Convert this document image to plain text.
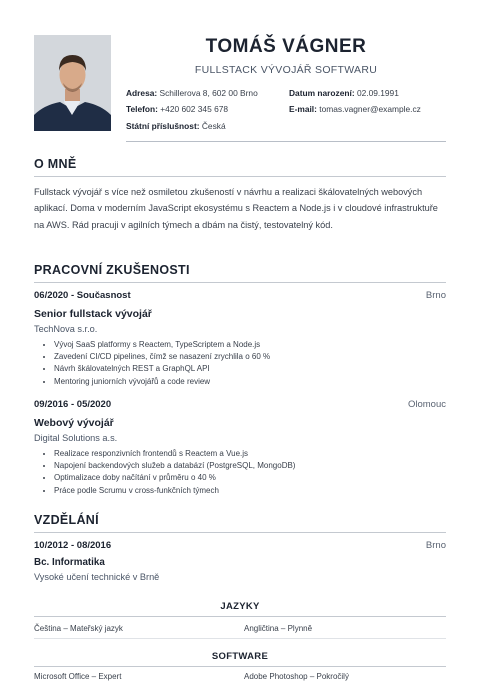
TOMÁŠ VÁGNER
FULLSTACK VÝVOJÁŘ SOFTWARU
Adresa: Schillerova 8, 602 00 Brno	Datum narození: 02.09.1991
Telefon: +420 602 345 678	E-mail: tomas.vagner@example.cz
Státní příslušnost: Česká
O MNĚ
Fullstack vývojář s více než osmiletou zkušeností v návrhu a realizaci škálovatelných webových aplikací. Doma v moderním JavaScript ekosystému s Reactem a Node.js i v cloudové infrastruktuře na AWS. Rád pracuji v agilních týmech a dbám na čistý, testovatelný kód.
PRACOVNÍ ZKUŠENOSTI
06/2020 - Současnost	Brno
Senior fullstack vývojář
TechNova s.r.o.
• Vývoj SaaS platformy s Reactem, TypeScriptem a Node.js
• Zavedení CI/CD pipelines, čímž se nasazení zrychlila o 60 %
• Návrh škálovatelných REST a GraphQL API
• Mentoring juniorních vývojářů a code review
09/2016 - 05/2020	Olomouc
Webový vývojář
Digital Solutions a.s.
• Realizace responzivních frontendů s Reactem a Vue.js
• Napojení backendových služeb a databází (PostgreSQL, MongoDB)
• Optimalizace doby načítání v průměru o 40 %
• Práce podle Scrumu v cross-funkčních týmech
VZDĚLÁNÍ
10/2012 - 08/2016	Brno
Bc. Informatika
Vysoké učení technické v Brně
JAZYKY
Čeština – Mateřský jazyk	Angličtina – Plynně
SOFTWARE
Microsoft Office – Expert	Adobe Photoshop – Pokročilý
